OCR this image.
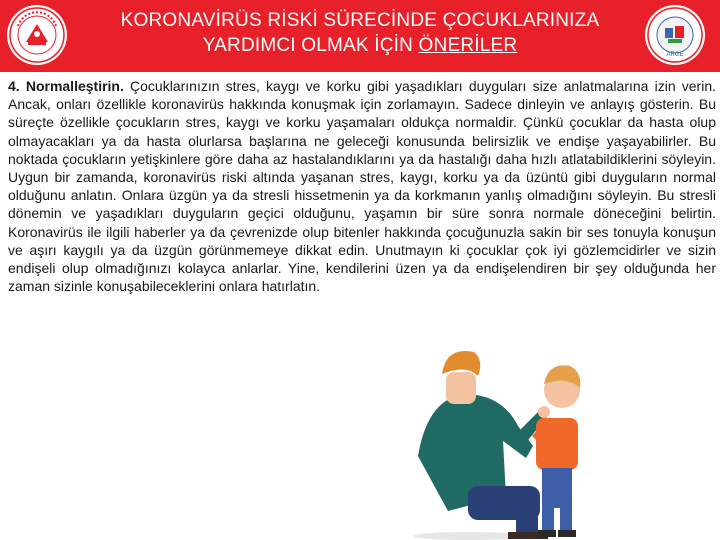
KORONAVİRÜS RİSKİ SÜRECİNDE ÇOCUKLARINIZA
YARDIMCI OLMAK İÇİN ÖNERİLER	ARGE
4. Normalleştirin. Çocuklarınızın stres, kaygı ve korku gibi yaşadıkları duyguları size anlatmalarına izin verin. Ancak, onları özellikle koronavirüs hakkında konuşmak için zorlamayın. Sadece dinleyin ve anlayış gösterin. Bu süreçte özellikle çocukların stres, kaygı ve korku yaşamaları oldukça normaldir. Çünkü çocuklar da hasta olup olmayacakları ya da hasta olurlarsa başlarına ne geleceği konusunda belirsizlik ve endişe yaşayabilirler. Bu noktada çocukların yetişkinlere göre daha az hastalandıklarını ya da hastalığı daha hızlı atlatabildiklerini söyleyin. Uygun bir zamanda, koronavirüs riski altında yaşanan stres, kaygı, korku ya da üzüntü gibi duyguların normal olduğunu anlatın. Onlara üzgün ya da stresli hissetmenin ya da korkmanın yanlış olmadığını söyleyin. Bu stresli dönemin ve yaşadıkları duyguların geçici olduğunu, yaşamın bir süre sonra normale döneceğini belirtin. Koronavirüs ile ilgili haberler ya da çevrenizde olup bitenler hakkında çocuğunuzla sakin bir ses tonuyla konuşun ve aşırı kaygılı ya da üzgün görünmemeye dikkat edin. Unutmayın ki çocuklar çok iyi gözlemcidirler ve sizin endişeli olup olmadığınızı kolayca anlarlar. Yine, kendilerini üzen ya da endişelendiren bir şey olduğunda her zaman sizinle konuşabileceklerini onlara hatırlatın.
